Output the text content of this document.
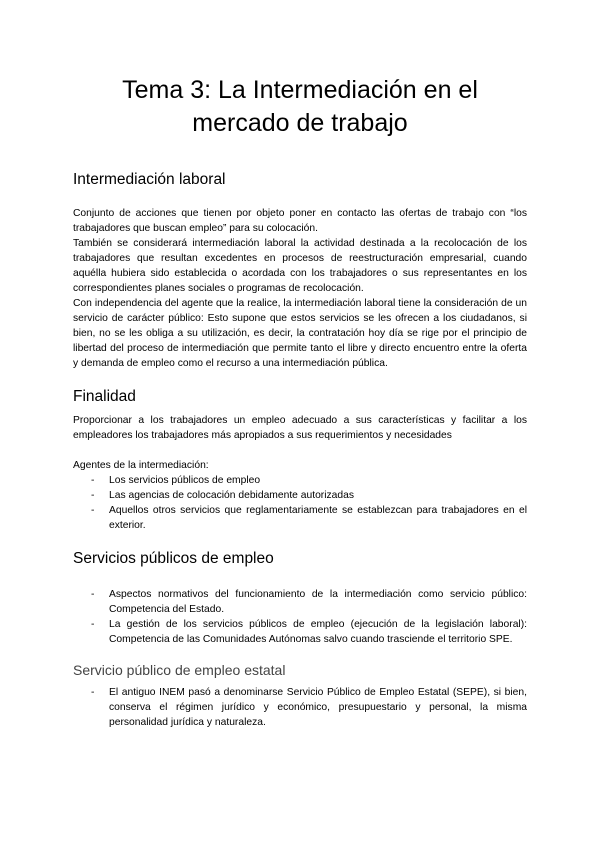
Tema 3: La Intermediación en el
mercado de trabajo
Intermediación laboral

Conjunto de acciones que tienen por objeto poner en contacto las ofertas de trabajo con “los trabajadores que buscan empleo” para su colocación.

También se considerará intermediación laboral la actividad destinada a la recolocación de los trabajadores que resultan excedentes en procesos de reestructuración empresarial, cuando aquélla hubiera sido establecida o acordada con los trabajadores o sus representantes en los correspondientes planes sociales o programas de recolocación.

Con independencia del agente que la realice, la intermediación laboral tiene la consideración de un servicio de carácter público: Esto supone que estos servicios se les ofrecen a los ciudadanos, si bien, no se les obliga a su utilización, es decir, la contratación hoy día se rige por el principio de libertad del proceso de intermediación que permite tanto el libre y directo encuentro entre la oferta y demanda de empleo como el recurso a una intermediación pública.

Finalidad

Proporcionar a los trabajadores un empleo adecuado a sus características y facilitar a los empleadores los trabajadores más apropiados a sus requerimientos y necesidades

Agentes de la intermediación:

- Los servicios públicos de empleo
- Las agencias de colocación debidamente autorizadas
- Aquellos otros servicios que reglamentariamente se establezcan para trabajadores en el exterior.
Servicios públicos de empleo
- Aspectos normativos del funcionamiento de la intermediación como servicio público: Competencia del Estado.
- La gestión de los servicios públicos de empleo (ejecución de la legislación laboral): Competencia de las Comunidades Autónomas salvo cuando trasciende el territorio SPE.
Servicio público de empleo estatal
- El antiguo INEM pasó a denominarse Servicio Público de Empleo Estatal (SEPE), si bien, conserva el régimen jurídico y económico, presupuestario y personal, la misma personalidad jurídica y naturaleza.
